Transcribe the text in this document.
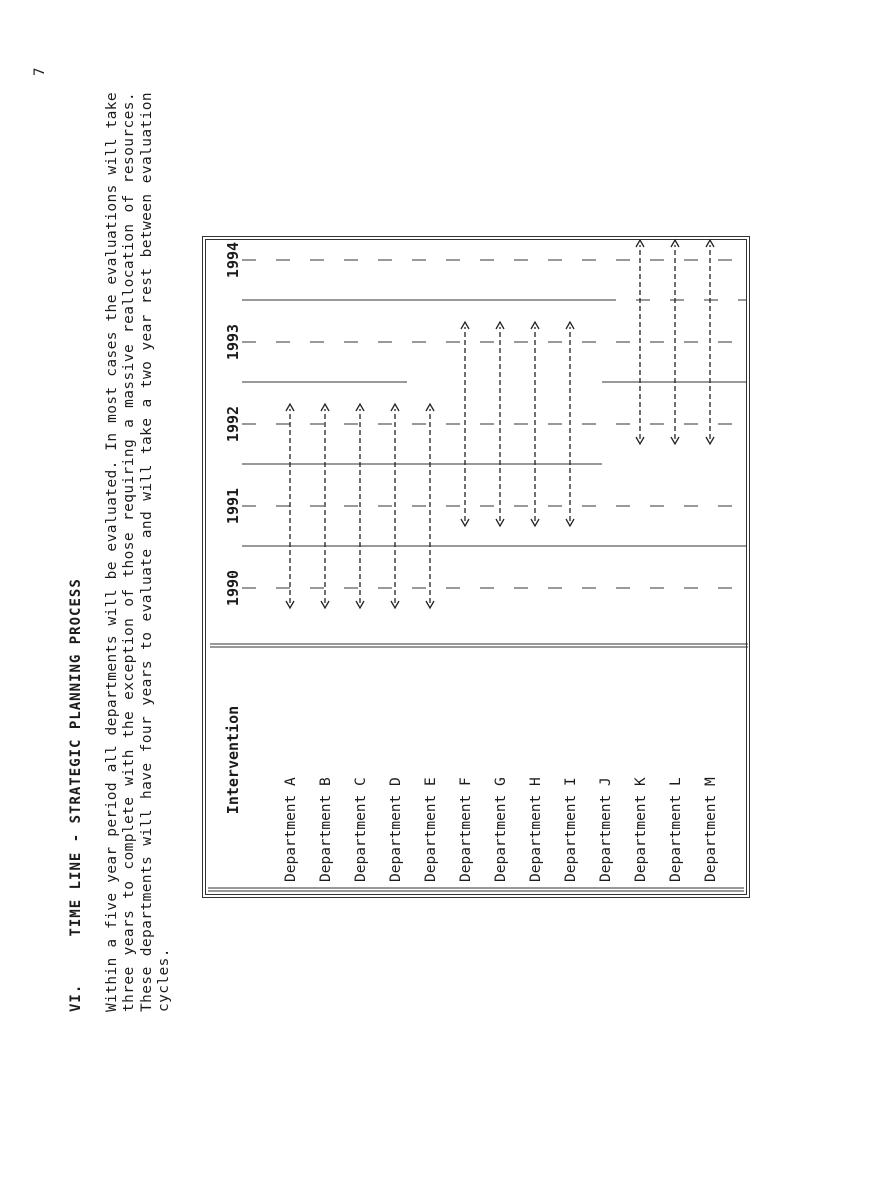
7
VI.     TIME LINE - STRATEGIC PLANNING PROCESS Within a five year period all departments will be evaluated. In most cases the evaluations will take three years to complete with the exception of those requiring a massive reallocation of resources. These departments will have four years to evaluate and will take a two year rest between evaluation cycles.
Intervention
1990
1991
1992
1993
1994
Department A Department B Department C Department D Department E Department F Department G Department H Department I Department J Department K Department L Department M
